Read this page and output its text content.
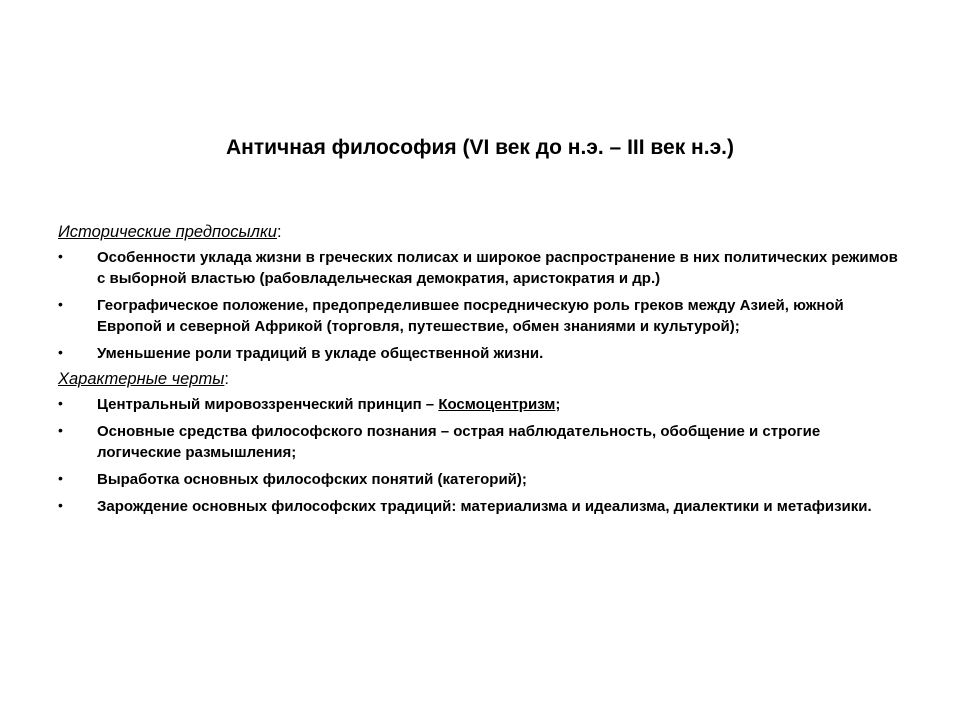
Античная философия (VI век до н.э. – III век н.э.)
Исторические предпосылки:
• Особенности уклада жизни в греческих полисах и широкое распространение в них политических режимов с выборной властью (рабовладельческая демократия, аристократия и др.)
• Географическое положение, предопределившее посредническую роль греков между Азией, южной Европой и северной Африкой (торговля, путешествие, обмен знаниями и культурой);
• Уменьшение роли традиций в укладе общественной жизни.
Характерные черты:
• Центральный мировоззренческий принцип – Космоцентризм;
• Основные средства философского познания – острая наблюдательность, обобщение и строгие логические размышления;
• Выработка основных философских понятий (категорий);
• Зарождение основных философских традиций: материализма и идеализма, диалектики и метафизики.
